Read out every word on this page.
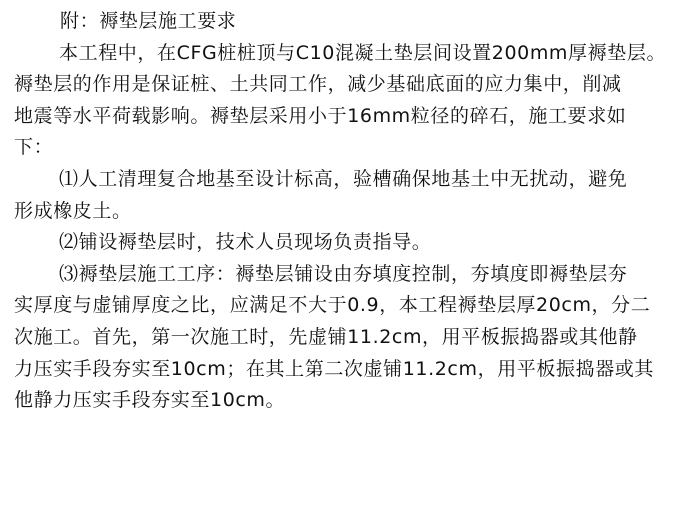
附：褥垫层施工要求
本工程中，在CFG桩桩顶与C10混凝土垫层间设置200mm厚褥垫层。
褥垫层的作用是保证桩、土共同工作，减少基础底面的应力集中，削减
地震等水平荷载影响。褥垫层采用小于16mm粒径的碎石，施工要求如
下：
⑴人工清理复合地基至设计标高，验槽确保地基土中无扰动，避免
形成橡皮土。
⑵铺设褥垫层时，技术人员现场负责指导。
⑶褥垫层施工工序：褥垫层铺设由夯填度控制，夯填度即褥垫层夯
实厚度与虚铺厚度之比，应满足不大于0.9，本工程褥垫层厚20cm，分二
次施工。首先，第一次施工时，先虚铺11.2cm，用平板振捣器或其他静
力压实手段夯实至10cm；在其上第二次虚铺11.2cm，用平板振捣器或其
他静力压实手段夯实至10cm。
